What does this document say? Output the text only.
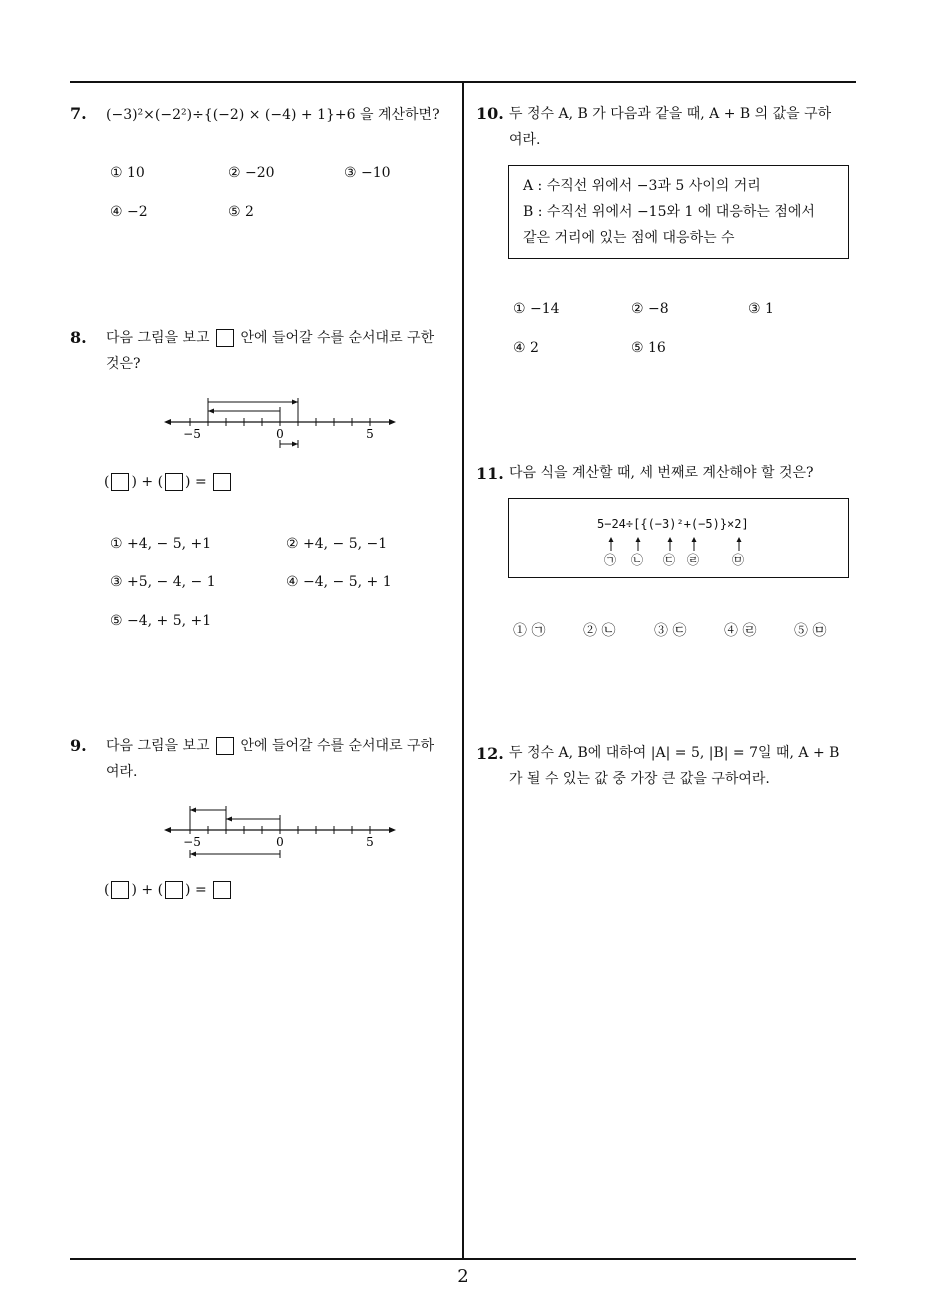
7. (−3)²×(−2²)÷{(−2) × (−4) + 1}+6 을 계산하면?
① 10	② −20	③ −10
④ −2	⑤ 2
8. 다음 그림을 보고 안에 들어갈 수를 순서대로 구한
것은?
−5	0	5
( ) + ( ) =
① +4, − 5, +1	② +4, − 5, −1
③ +5, − 4, − 1	④ −4, − 5, + 1
⑤ −4, + 5, +1
9. 다음 그림을 보고 안에 들어갈 수를 순서대로 구하
여라.
−5	0	5
( ) + ( ) =
10. 두 정수 A, B 가 다음과 같을 때, A + B 의 값을 구하
여라.
A : 수직선 위에서 −3과 5 사이의 거리
B : 수직선 위에서 −15와 1 에 대응하는 점에서
같은 거리에 있는 점에 대응하는 수
① −14	② −8	③ 1
④ 2	⑤ 16
11. 다음 식을 계산할 때, 세 번째로 계산해야 할 것은?
5−24÷[{(−3)²+(−5)}×2]
㉠ ㉡ ㉢ ㉣	㉤
① ㉠	② ㉡	③ ㉢	④ ㉣	⑤ ㉤
12. 두 정수 A, B에 대하여 |A| = 5, |B| = 7일 때, A + B
가 될 수 있는 값 중 가장 큰 값을 구하여라.
2
